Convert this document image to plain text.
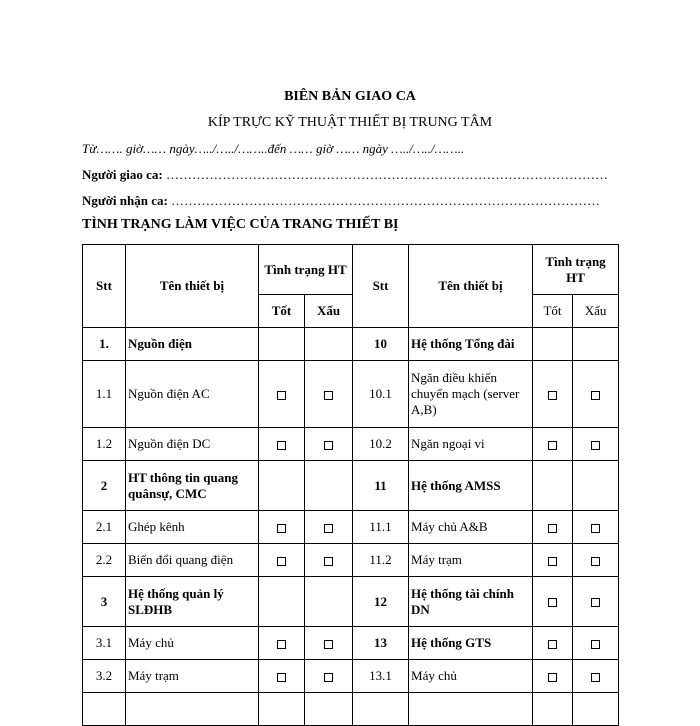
BIÊN BẢN GIAO CA
KÍP TRỰC KỸ THUẬT THIẾT BỊ TRUNG TÂM
Từ……. giờ…… ngày…../…../……..đến …… giờ …… ngày …../…../……..
Người giao ca: …………………………………………………………………………………………
Người nhận ca: ………………………………………………………………………………………
TÌNH TRẠNG LÀM VIỆC CỦA TRANG THIẾT BỊ
Stt	Tên thiết bị	Tình trạng HT		Stt	Tên thiết bị	Tình trạng HT	
		Tốt	Xấu			Tốt	Xấu
1.	Nguồn điện			10	Hệ thống Tổng đài		
1.1	Nguồn điện AC			10.1	Ngăn điều khiển chuyển mạch (server A,B)		
1.2	Nguồn điện DC			10.2	Ngăn ngoại vi		
2	HT thông tin quang quânsự, CMC			11	Hệ thống AMSS		
2.1	Ghép kênh			11.1	Máy chủ A&B		
2.2	Biến đổi quang điện			11.2	Máy trạm		
3	Hệ thống quản lý SLĐHB			12	Hệ thống tài chính DN		
3.1	Máy chủ			13	Hệ thống GTS		
3.2	Máy trạm			13.1	Máy chủ		
